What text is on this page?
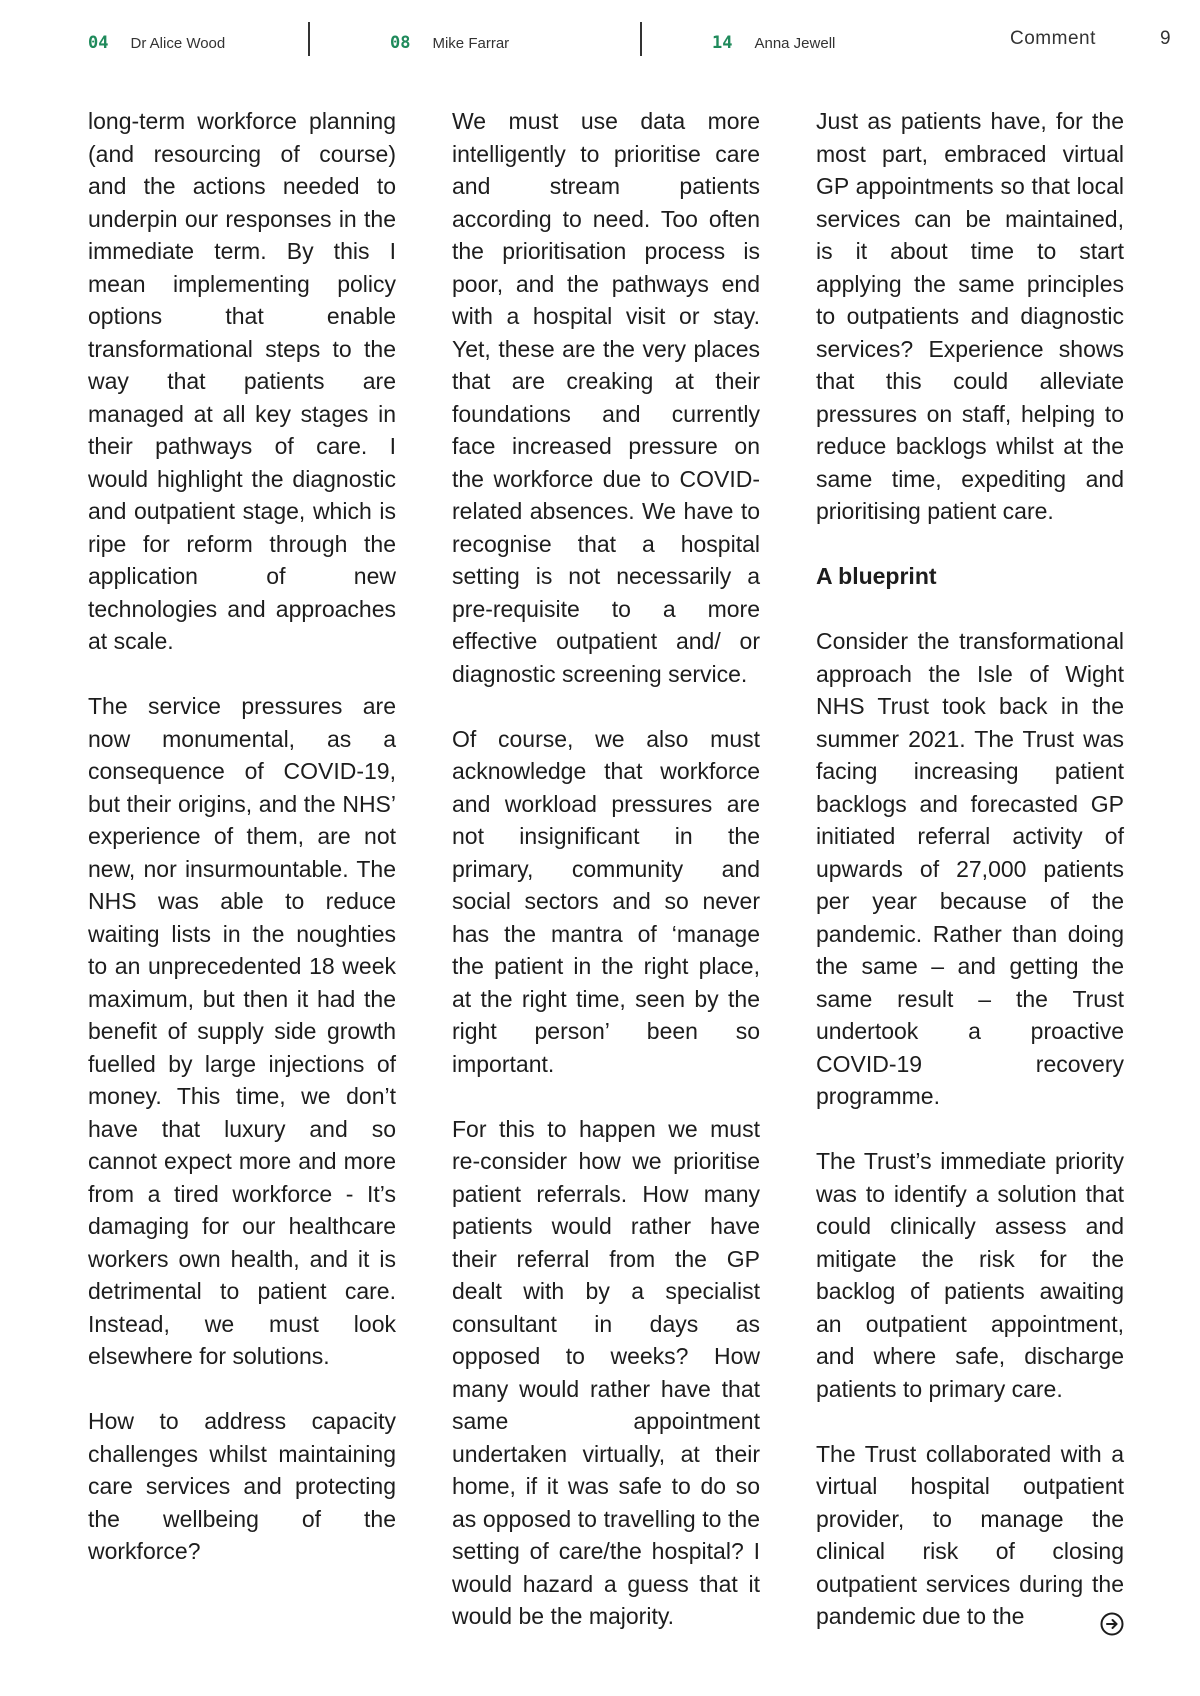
04 Dr Alice Wood	08 Mike Farrar	14 Anna Jewell	Comment	9

long-term workforce planning (and resourcing of course) and the actions needed to underpin our responses in the immediate term. By this I mean implementing policy options that enable transformational steps to the way that patients are managed at all key stages in their pathways of care. I would highlight the diagnostic and outpatient stage, which is ripe for reform through the application of new technologies and approaches at scale.

The service pressures are now monumental, as a consequence of COVID-19, but their origins, and the NHS’ experience of them, are not new, nor insurmountable. The NHS was able to reduce waiting lists in the noughties to an unprecedented 18 week maximum, but then it had the benefit of supply side growth fuelled by large injections of money. This time, we don’t have that luxury and so cannot expect more and more from a tired workforce - It’s damaging for our healthcare workers own health, and it is detrimental to patient care. Instead, we must look elsewhere for solutions.

How to address capacity challenges whilst maintaining care services and protecting the wellbeing of the workforce?

We must use data more intelligently to prioritise care and stream patients according to need. Too often the prioritisation process is poor, and the pathways end with a hospital visit or stay. Yet, these are the very places that are creaking at their foundations and currently face increased pressure on the workforce due to COVID-related absences. We have to recognise that a hospital setting is not necessarily a pre-requisite to a more effective outpatient and/ or diagnostic screening service.

Of course, we also must acknowledge that workforce and workload pressures are not insignificant in the primary, community and social sectors and so never has the mantra of ‘manage the patient in the right place, at the right time, seen by the right person’ been so important.

For this to happen we must re-consider how we prioritise patient referrals. How many patients would rather have their referral from the GP dealt with by a specialist consultant in days as opposed to weeks? How many would rather have that same appointment undertaken virtually, at their home, if it was safe to do so as opposed to travelling to the setting of care/the hospital? I would hazard a guess that it would be the majority.

Just as patients have, for the most part, embraced virtual GP appointments so that local services can be maintained, is it about time to start applying the same principles to outpatients and diagnostic services? Experience shows that this could alleviate pressures on staff, helping to reduce backlogs whilst at the same time, expediting and prioritising patient care.

A blueprint

Consider the transformational approach the Isle of Wight NHS Trust took back in the summer 2021. The Trust was facing increasing patient backlogs and forecasted GP initiated referral activity of upwards of 27,000 patients per year because of the pandemic. Rather than doing the same – and getting the same result – the Trust undertook a proactive COVID-19 recovery programme.

The Trust’s immediate priority was to identify a solution that could clinically assess and mitigate the risk for the backlog of patients awaiting an outpatient appointment, and where safe, discharge patients to primary care.

The Trust collaborated with a virtual hospital outpatient provider, to manage the clinical risk of closing outpatient services during the pandemic due to the
